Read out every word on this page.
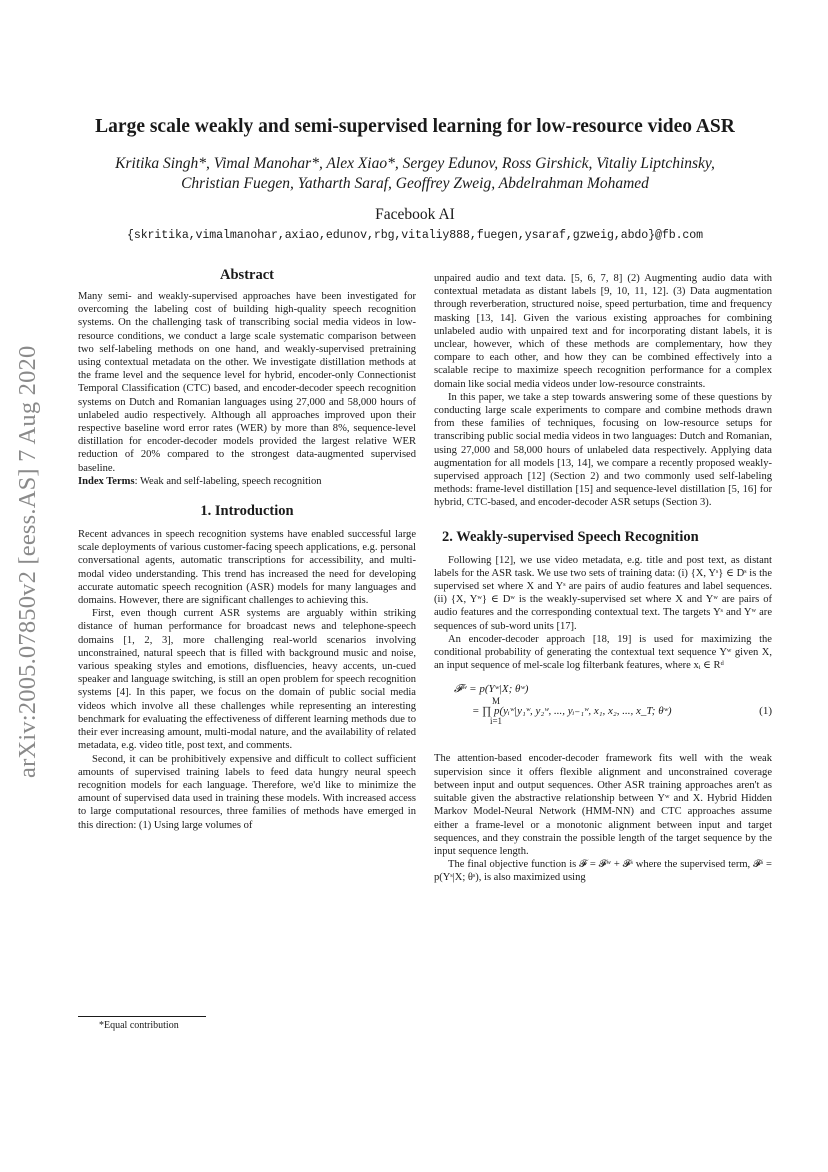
arXiv:2005.07850v2 [eess.AS] 7 Aug 2020
Large scale weakly and semi-supervised learning for low-resource video ASR
Kritika Singh*, Vimal Manohar*, Alex Xiao*, Sergey Edunov, Ross Girshick, Vitaliy Liptchinsky,
Christian Fuegen, Yatharth Saraf, Geoffrey Zweig, Abdelrahman Mohamed
Facebook AI
{skritika,vimalmanohar,axiao,edunov,rbg,vitaliy888,fuegen,ysaraf,gzweig,abdo}@fb.com
Abstract

Many semi- and weakly-supervised approaches have been investigated for overcoming the labeling cost of building high-quality speech recognition systems. On the challenging task of transcribing social media videos in low-resource conditions, we conduct a large scale systematic comparison between two self-labeling methods on one hand, and weakly-supervised pretraining using contextual metadata on the other. We investigate distillation methods at the frame level and the sequence level for hybrid, encoder-only Connectionist Temporal Classification (CTC) based, and encoder-decoder speech recognition systems on Dutch and Romanian languages using 27,000 and 58,000 hours of unlabeled audio respectively. Although all approaches improved upon their respective baseline word error rates (WER) by more than 8%, sequence-level distillation for encoder-decoder models provided the largest relative WER reduction of 20% compared to the strongest data-augmented supervised baseline.

Index Terms: Weak and self-labeling, speech recognition

1. Introduction

Recent advances in speech recognition systems have enabled successful large scale deployments of various customer-facing speech applications, e.g. personal conversational agents, automatic transcriptions for accessibility, and multi-modal video understanding. This trend has increased the need for developing accurate automatic speech recognition (ASR) models for many languages and domains. However, there are significant challenges to achieving this.

First, even though current ASR systems are arguably within striking distance of human performance for broadcast news and telephone-speech domains [1, 2, 3], more challenging real-world scenarios involving unconstrained, natural speech that is filled with background music and noise, various speaking styles and emotions, disfluencies, heavy accents, un-cued speaker and language switching, is still an open problem for speech recognition systems [4]. In this paper, we focus on the domain of public social media videos which involve all these challenges while representing an interesting benchmark for evaluating the effectiveness of different learning methods due to their ever increasing amount, multi-modal nature, and the availability of related metadata, e.g. video title, post text, and comments.

Second, it can be prohibitively expensive and difficult to collect sufficient amounts of supervised training labels to feed data hungry neural speech recognition models for each language. Therefore, we'd like to minimize the amount of supervised data used in training these models. With increased access to large computational resources, three families of methods have emerged in this direction: (1) Using large volumes of

*Equal contribution

unpaired audio and text data. [5, 6, 7, 8] (2) Augmenting audio data with contextual metadata as distant labels [9, 10, 11, 12]. (3) Data augmentation through reverberation, structured noise, speed perturbation, time and frequency masking [13, 14]. Given the various existing approaches for combining unlabeled audio with unpaired text and for incorporating distant labels, it is unclear, however, which of these methods are complementary, how they compare to each other, and how they can be combined effectively into a scalable recipe to maximize speech recognition performance for a complex domain like social media videos under low-resource constraints.

In this paper, we take a step towards answering some of these questions by conducting large scale experiments to compare and combine methods drawn from these families of techniques, focusing on low-resource setups for transcribing public social media videos in two languages: Dutch and Romanian, using 27,000 and 58,000 hours of unlabeled data respectively. Applying data augmentation for all models [13, 14], we compare a recently proposed weakly-supervised approach [12] (Section 2) and two commonly used self-labeling methods: frame-level distillation [15] and sequence-level distillation [5, 16] for hybrid, CTC-based, and encoder-decoder ASR setups (Section 3).

2. Weakly-supervised Speech Recognition

Following [12], we use video metadata, e.g. title and post text, as distant labels for the ASR task. We use two sets of training data: (i) {X, Yˢ} ∈ Dˢ is the supervised set where X and Yˢ are pairs of audio features and label sequences. (ii) {X, Yʷ} ∈ Dʷ is the weakly-supervised set where X and Yʷ are pairs of audio features and the corresponding contextual text. The targets Yˢ and Yʷ are sequences of sub-word units [17].

An encoder-decoder approach [18, 19] is used for maximizing the conditional probability of generating the contextual text sequence Yʷ given X, an input sequence of mel-scale log filterbank features, where xᵢ ∈ Rᵈ

𝓕ʷ = p(Yʷ|X; θʷ)
M

i=1
= ∏ p(yᵢʷ|y₁ʷ, y₂ʷ, ..., yᵢ₋₁ʷ, x₁, x₂, ..., x_T; θʷ)	(1)

The attention-based encoder-decoder framework fits well with the weak supervision since it offers flexible alignment and unconstrained coverage between input and output sequences. Other ASR training approaches aren't as suitable given the abstractive relationship between Yʷ and X. Hybrid Hidden Markov Model-Neural Network (HMM-NN) and CTC approaches assume either a frame-level or a monotonic alignment between input and target sequences, and they constrain the possible length of the target sequence by the input sequence length.

The final objective function is 𝓕 = 𝓕ʷ + 𝓕ˢ where the supervised term, 𝓕ˢ = p(Yˢ|X; θˢ), is also maximized using
